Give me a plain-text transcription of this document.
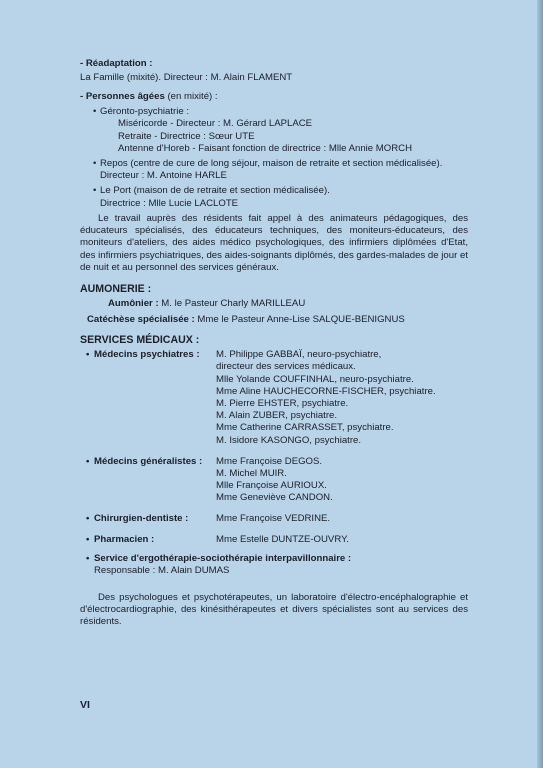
- Réadaptation :
La Famille (mixité). Directeur : M. Alain FLAMENT
- Personnes âgées (en mixité) :
• Géronto-psychiatrie :
Miséricorde - Directeur : M. Gérard LAPLACE
Retraite - Directrice : Sœur UTE
Antenne d'Horeb - Faisant fonction de directrice : Mlle Annie MORCH
• Repos (centre de cure de long séjour, maison de retraite et section médicalisée).
Directeur : M. Antoine HARLE
• Le Port (maison de de retraite et section médicalisée).
Directrice : Mlle Lucie LACLOTE
Le travail auprès des résidents fait appel à des animateurs pédagogiques, des éducateurs spécialisés, des éducateurs techniques, des moniteurs-éducateurs, des moniteurs d'ateliers, des aides médico psychologiques, des infirmiers diplômées d'Etat, des infirmiers psychiatriques, des aides-soignants diplômés, des gardes-malades de jour et de nuit et au personnel des services généraux.
AUMONERIE :
Aumônier : M. le Pasteur Charly MARILLEAU
Catéchèse spécialisée : Mme le Pasteur Anne-Lise SALQUE-BENIGNUS
SERVICES MÉDICAUX :
• Médecins psychiatres : M. Philippe GABBAÏ, neuro-psychiatre,
directeur des services médicaux.
Mlle Yolande COUFFINHAL, neuro-psychiatre.
Mme Aline HAUCHECORNE-FISCHER, psychiatre.
M. Pierre EHSTER, psychiatre.
M. Alain ZUBER, psychiatre.
Mme Catherine CARRASSET, psychiatre.
M. Isidore KASONGO, psychiatre.
• Médecins généralistes : Mme Françoise DEGOS.
M. Michel MUIR.
Mlle Françoise AURIOUX.
Mme Geneviève CANDON.
• Chirurgien-dentiste :	Mme Françoise VEDRINE.
• Pharmacien :	Mme Estelle DUNTZE-OUVRY.
• Service d'ergothérapie-sociothérapie interpavillonnaire :
Responsable : M. Alain DUMAS
Des psychologues et psychotérapeutes, un laboratoire d'électro-encéphalographie et d'électrocardiographie, des kinésithérapeutes et divers spécialistes sont au services des résidents.
VI
